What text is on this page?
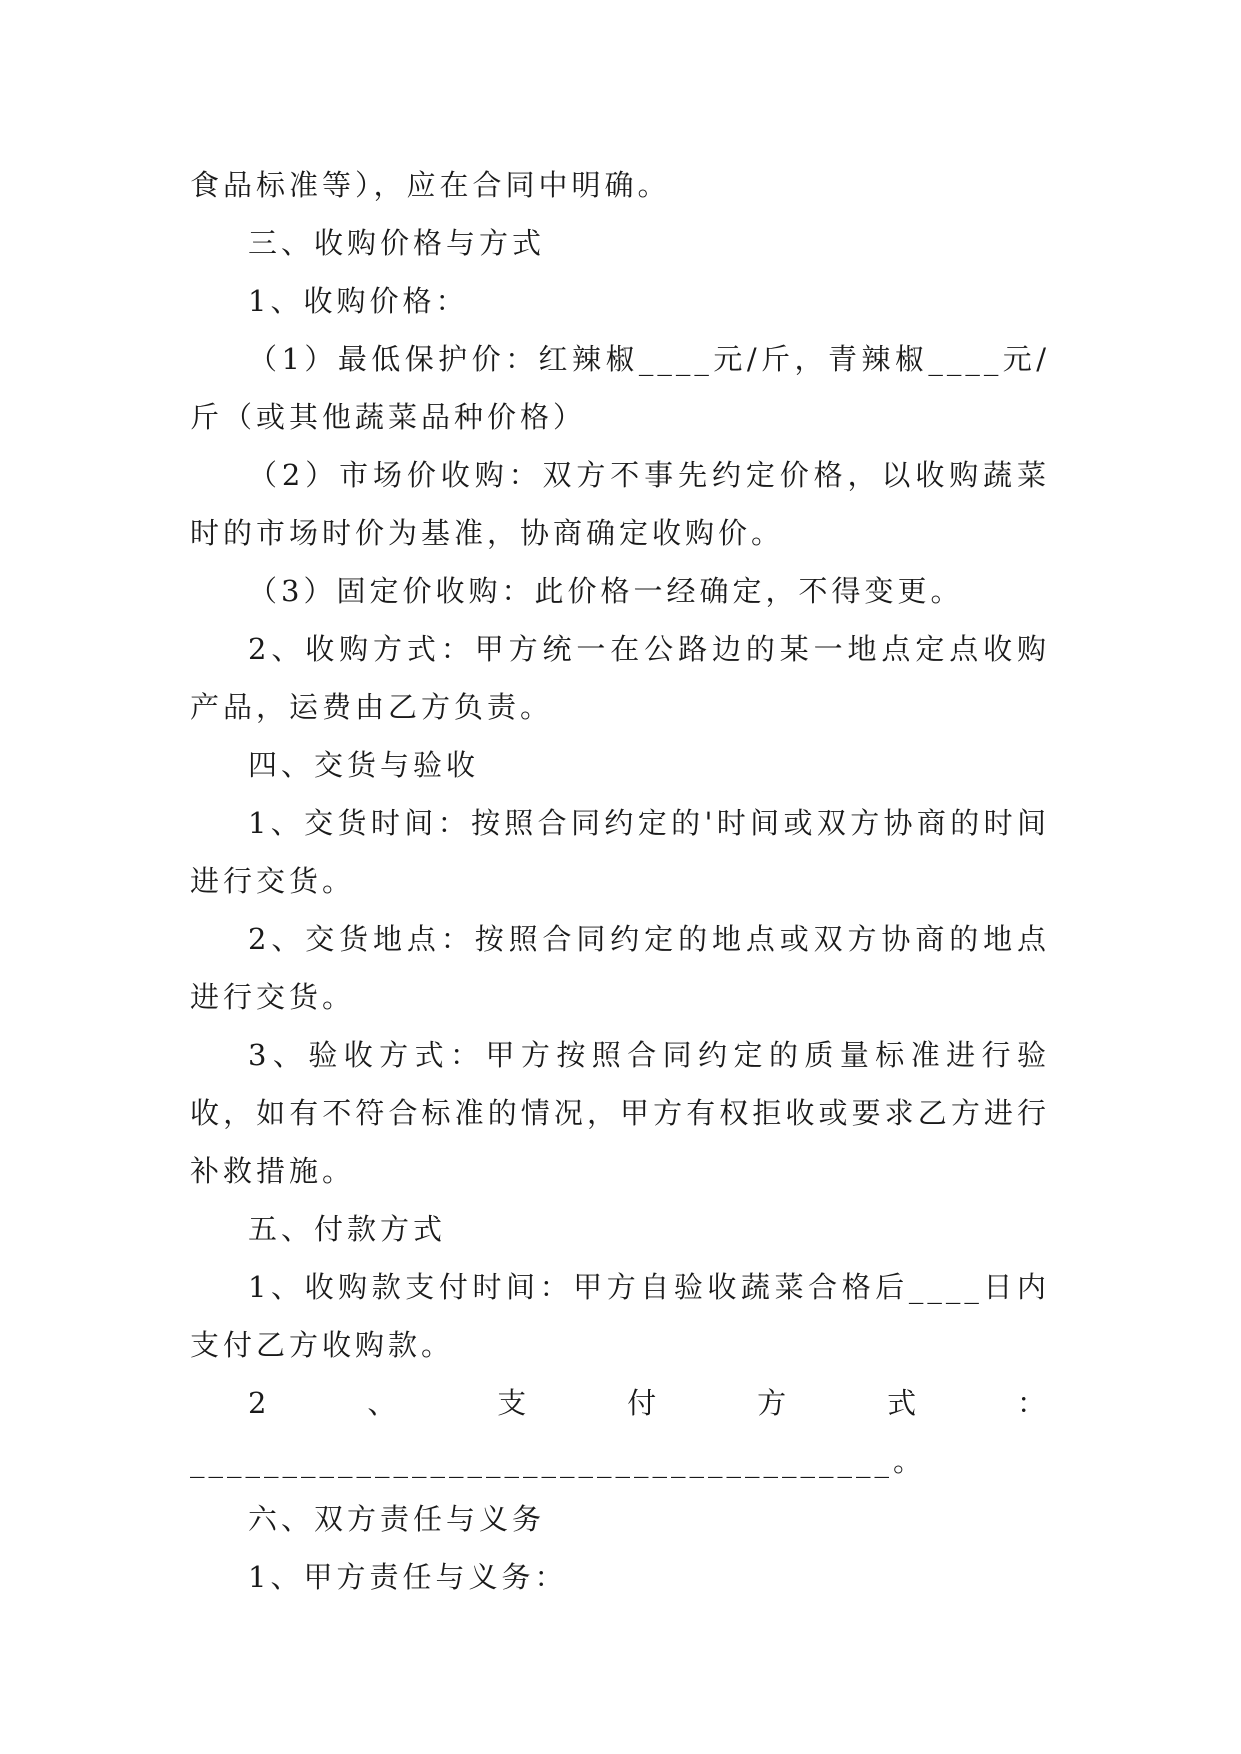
食品标准等），应在合同中明确。

三、收购价格与方式

1、收购价格：

（1）最低保护价：红辣椒____元/斤，青辣椒____元/斤（或其他蔬菜品种价格）

（2）市场价收购：双方不事先约定价格，以收购蔬菜时的市场时价为基准，协商确定收购价。

（3）固定价收购：此价格一经确定，不得变更。

2、收购方式：甲方统一在公路边的某一地点定点收购产品，运费由乙方负责。

四、交货与验收

1、交货时间：按照合同约定的'时间或双方协商的时间进行交货。

2、交货地点：按照合同约定的地点或双方协商的地点进行交货。

3、验收方式：甲方按照合同约定的质量标准进行验收，如有不符合标准的情况，甲方有权拒收或要求乙方进行补救措施。

五、付款方式

1、收购款支付时间：甲方自验收蔬菜合格后____日内支付乙方收购款。

2、支付方式：______________________________________。

六、双方责任与义务

1、甲方责任与义务：
